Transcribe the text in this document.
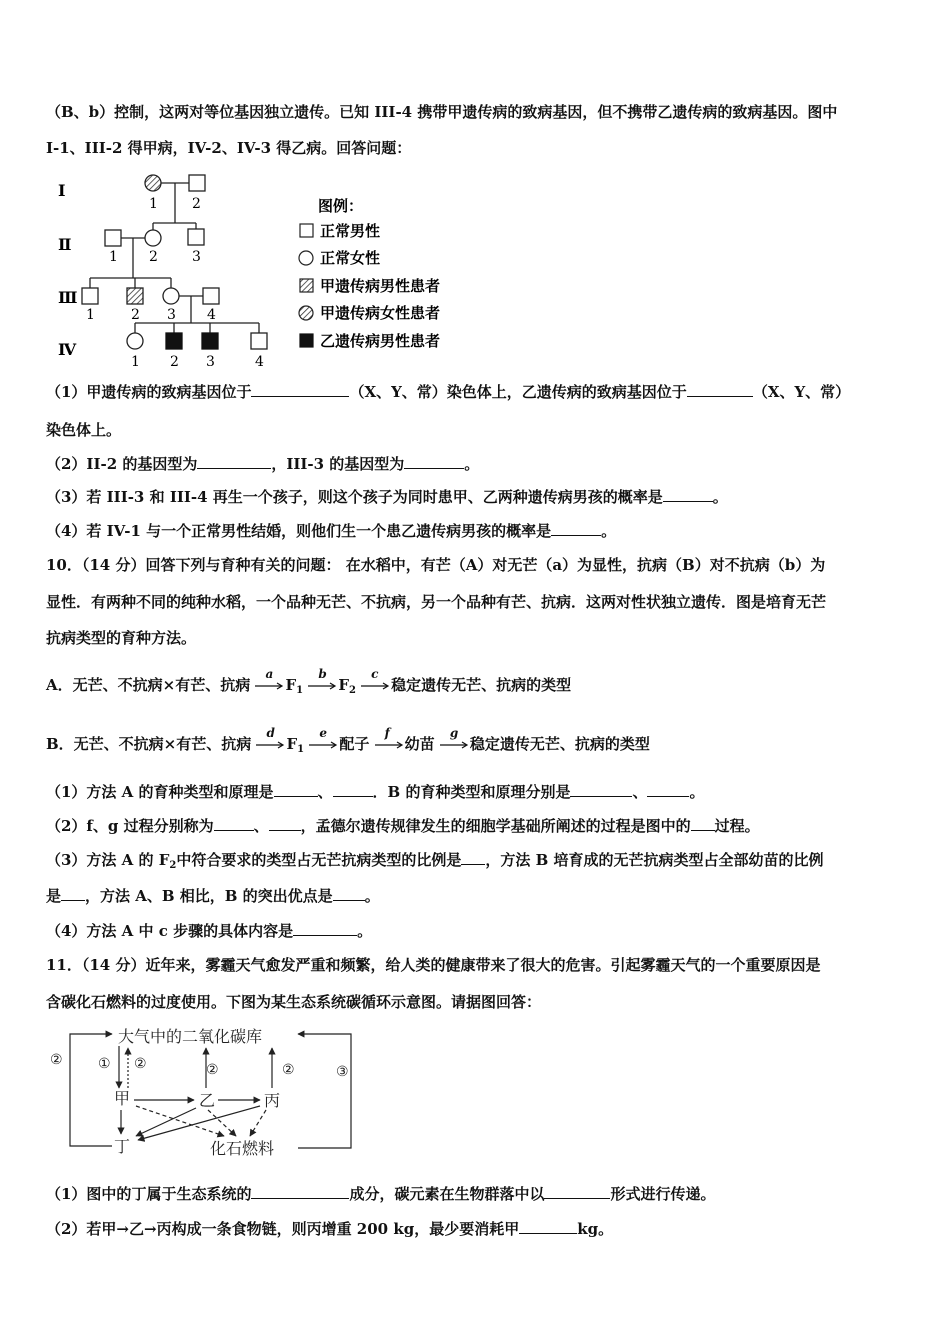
（B、b）控制，这两对等位基因独立遗传。已知 III-4 携带甲遗传病的致病基因，但不携带乙遗传病的致病基因。图中
I-1、III-2 得甲病，IV-2、IV-3 得乙病。回答问题：
Ⅰ
Ⅱ
Ⅲ
Ⅳ
1 2
1 2 3
1	2 3 4
1 2 3	4
图例：
正常男性
正常女性
甲遗传病男性患者
甲遗传病女性患者
乙遗传病男性患者
（1）甲遗传病的致病基因位于	（X、Y、常）染色体上，乙遗传病的致病基因位于	（X、Y、常）
染色体上。
（2）II-2 的基因型为	，III-3 的基因型为	。
（3）若 III-3 和 III-4 再生一个孩子，则这个孩子为同时患甲、乙两种遗传病男孩的概率是	。
（4）若 IV-1 与一个正常男性结婚，则他们生一个患乙遗传病男孩的概率是	。
10．（14 分）回答下列与育种有关的问题： 在水稻中，有芒（A）对无芒（a）为显性，抗病（B）对不抗病（b）为
显性．有两种不同的纯种水稻，一个品种无芒、不抗病，另一个品种有芒、抗病．这两对性状独立遗传．图是培育无芒
抗病类型的育种方法。
A．无芒、不抗病×有芒、抗病
a
$F_1$
b
$F_2$
c
稳定遗传无芒、抗病的类型
B．无芒、不抗病×有芒、抗病
d
$F_1$
e
配子
f
幼苗
g
稳定遗传无芒、抗病的类型
（1）方法 A 的育种类型和原理是	、	．B 的育种类型和原理分别是	、	。
（2）f、g 过程分别称为	、 ，孟德尔遗传规律发生的细胞学基础所阐述的过程是图中的 过程。
（3）方法 A 的 $F_2$中符合要求的类型占无芒抗病类型的比例是 ，方法 B 培育成的无芒抗病类型占全部幼苗的比例
是 ，方法 A、B 相比，B 的突出优点是 。
（4）方法 A 中 c 步骤的具体内容是	。
11．（14 分）近年来，雾霾天气愈发严重和频繁，给人类的健康带来了很大的危害。引起雾霾天气的一个重要原因是
含碳化石燃料的过度使用。下图为某生态系统碳循环示意图。请据图回答：
大气中的二氧化碳库
甲	乙	丙
丁	化石燃料
②	① ②	②	②	③
（1）图中的丁属于生态系统的	成分，碳元素在生物群落中以	形式进行传递。
（2）若甲→乙→丙构成一条食物链，则丙增重 200 kg，最少要消耗甲	kg。
